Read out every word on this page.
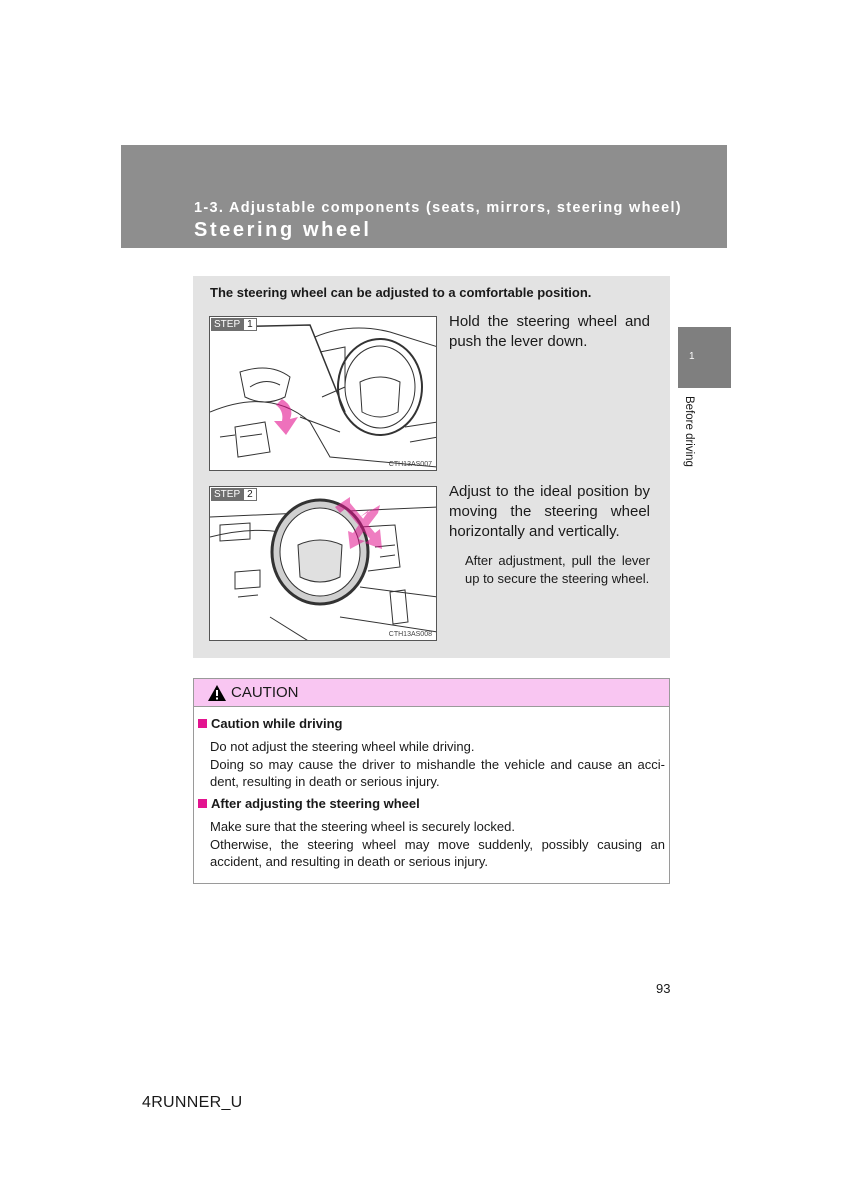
1-3. Adjustable components (seats, mirrors, steering wheel)
Steering wheel
1
Before driving
The steering wheel can be adjusted to a comfortable position.
STEP 1
CTH13AS007
Hold the steering wheel and push the lever down.
STEP 2
CTH13AS008
Adjust to the ideal position by moving the steering wheel horizontally and vertically.
After adjustment, pull the lever up to secure the steering wheel.
CAUTION
Caution while driving

Do not adjust the steering wheel while driving.

Doing so may cause the driver to mishandle the vehicle and cause an acci-dent, resulting in death or serious injury.

After adjusting the steering wheel

Make sure that the steering wheel is securely locked.

Otherwise, the steering wheel may move suddenly, possibly causing an accident, and resulting in death or serious injury.

93
4RUNNER_U
